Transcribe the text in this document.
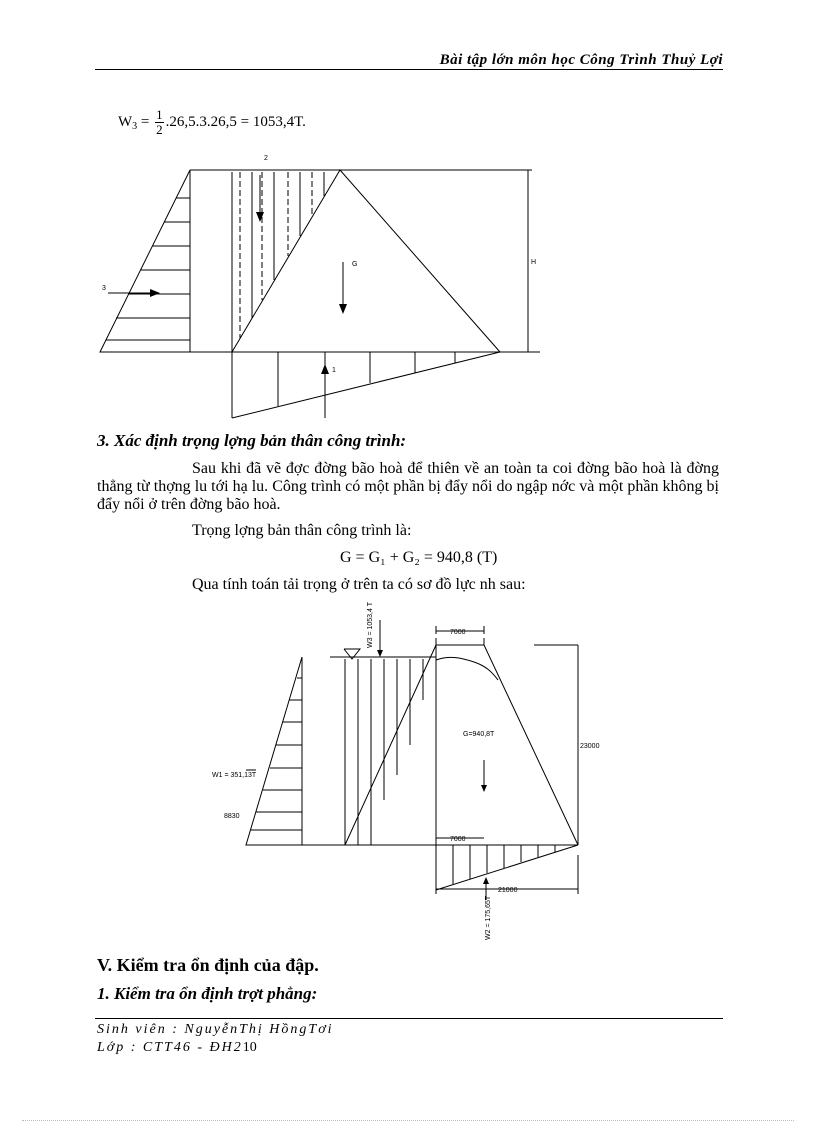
Bài tập lớn môn học Công Trình Thuỷ Lợi
$W_3 = \frac{1}{2} .26,5.3.26,5 = 1053,4T$.
2
3
G
1
H
3. Xác định trọng lợng bản thân công trình:
Sau khi đã vẽ đợc đờng bão hoà để thiên về an toàn ta coi đờng bão hoà là đờng thẳng từ thợng lu tới hạ lu. Công trình có một phần bị đẩy nổi do ngập nớc và một phần không bị đẩy nổi ở trên đờng bão hoà.
Trọng lợng bản thân công trình là:
G = G₁ + G₂ = 940,8 (T)
Qua tính toán tải trọng ở trên ta có sơ đồ lực nh sau:
W3 = 1053,4 T	7000
7000
G=940,8T
23000
W1 = 351,13T
8830
21000
W2 = 175,65T
V. Kiểm tra ổn định của đập.
1. Kiểm tra ổn định trợt phẳng:
Sinh viên : NguyễnThị HồngTơi
Lớp : CTT46 - ĐH210
